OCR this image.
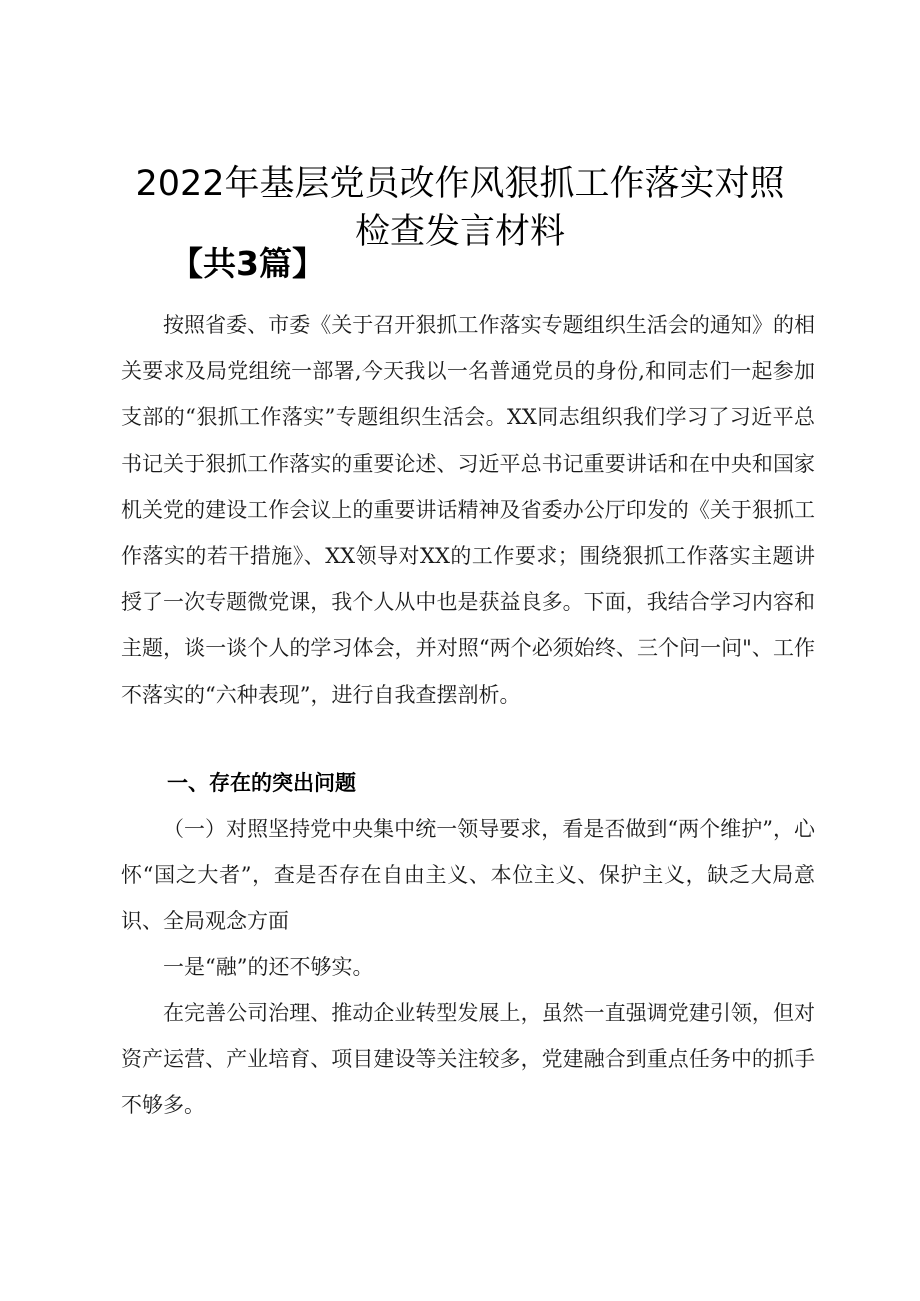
2022年基层党员改作风狠抓工作落实对照
检查发言材料
【共3篇】

按照省委、市委《关于召开狠抓工作落实专题组织生活会的通知》的相关要求及局党组统一部署,今天我以一名普通党员的身份,和同志们一起参加支部的“狠抓工作落实”专题组织生活会。XX同志组织我们学习了习近平总书记关于狠抓工作落实的重要论述、习近平总书记重要讲话和在中央和国家机关党的建设工作会议上的重要讲话精神及省委办公厅印发的《关于狠抓工作落实的若干措施》、XX领导对XX的工作要求；围绕狠抓工作落实主题讲授了一次专题微党课，我个人从中也是获益良多。下面，我结合学习内容和主题，谈一谈个人的学习体会，并对照“两个必须始终、三个问一问"、工作不落实的“六种表现”，进行自我查摆剖析。

一、存在的突出问题

（一）对照坚持党中央集中统一领导要求，看是否做到“两个维护”，心怀“国之大者”，查是否存在自由主义、本位主义、保护主义，缺乏大局意识、全局观念方面

一是“融”的还不够实。

在完善公司治理、推动企业转型发展上，虽然一直强调党建引领，但对资产运营、产业培育、项目建设等关注较多，党建融合到重点任务中的抓手不够多。
